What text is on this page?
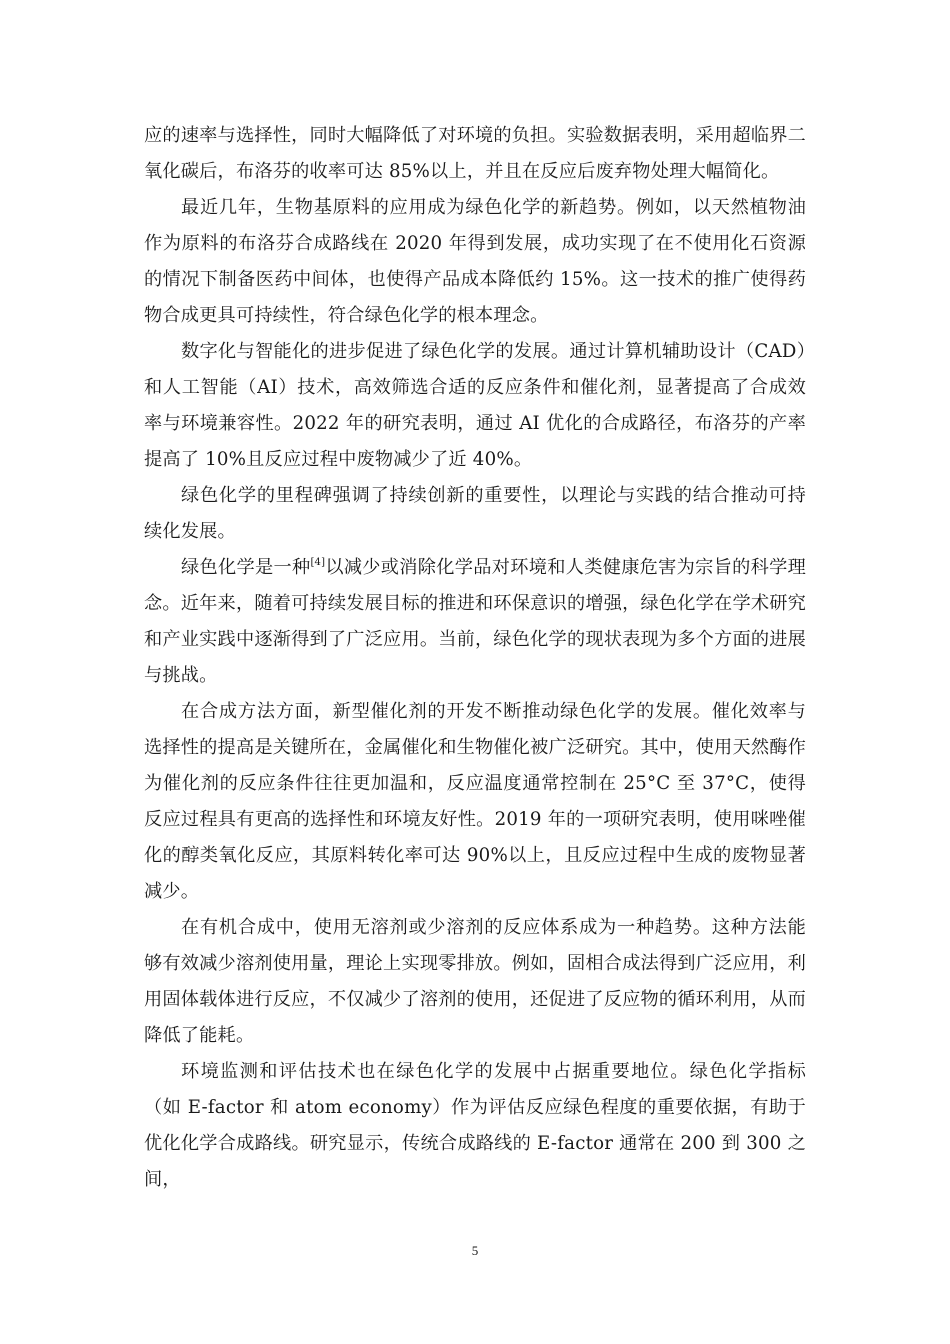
应的速率与选择性，同时大幅降低了对环境的负担。实验数据表明，采用超临界二氧化碳后，布洛芬的收率可达 85%以上，并且在反应后废弃物处理大幅简化。

最近几年，生物基原料的应用成为绿色化学的新趋势。例如，以天然植物油作为原料的布洛芬合成路线在 2020 年得到发展，成功实现了在不使用化石资源的情况下制备医药中间体，也使得产品成本降低约 15%。这一技术的推广使得药物合成更具可持续性，符合绿色化学的根本理念。

数字化与智能化的进步促进了绿色化学的发展。通过计算机辅助设计（CAD）和人工智能（AI）技术，高效筛选合适的反应条件和催化剂，显著提高了合成效率与环境兼容性。2022 年的研究表明，通过 AI 优化的合成路径，布洛芬的产率提高了 10%且反应过程中废物减少了近 40%。

绿色化学的里程碑强调了持续创新的重要性，以理论与实践的结合推动可持续化发展。

绿色化学是一种[4]以减少或消除化学品对环境和人类健康危害为宗旨的科学理念。近年来，随着可持续发展目标的推进和环保意识的增强，绿色化学在学术研究和产业实践中逐渐得到了广泛应用。当前，绿色化学的现状表现为多个方面的进展与挑战。

在合成方法方面，新型催化剂的开发不断推动绿色化学的发展。催化效率与选择性的提高是关键所在，金属催化和生物催化被广泛研究。其中，使用天然酶作为催化剂的反应条件往往更加温和，反应温度通常控制在 25°C 至 37°C，使得反应过程具有更高的选择性和环境友好性。2019 年的一项研究表明，使用咪唑催化的醇类氧化反应，其原料转化率可达 90%以上，且反应过程中生成的废物显著减少。

在有机合成中，使用无溶剂或少溶剂的反应体系成为一种趋势。这种方法能够有效减少溶剂使用量，理论上实现零排放。例如，固相合成法得到广泛应用，利用固体载体进行反应，不仅减少了溶剂的使用，还促进了反应物的循环利用，从而降低了能耗。

环境监测和评估技术也在绿色化学的发展中占据重要地位。绿色化学指标（如 E-factor 和 atom economy）作为评估反应绿色程度的重要依据，有助于优化化学合成路线。研究显示，传统合成路线的 E-factor 通常在 200 到 300 之间，

5
